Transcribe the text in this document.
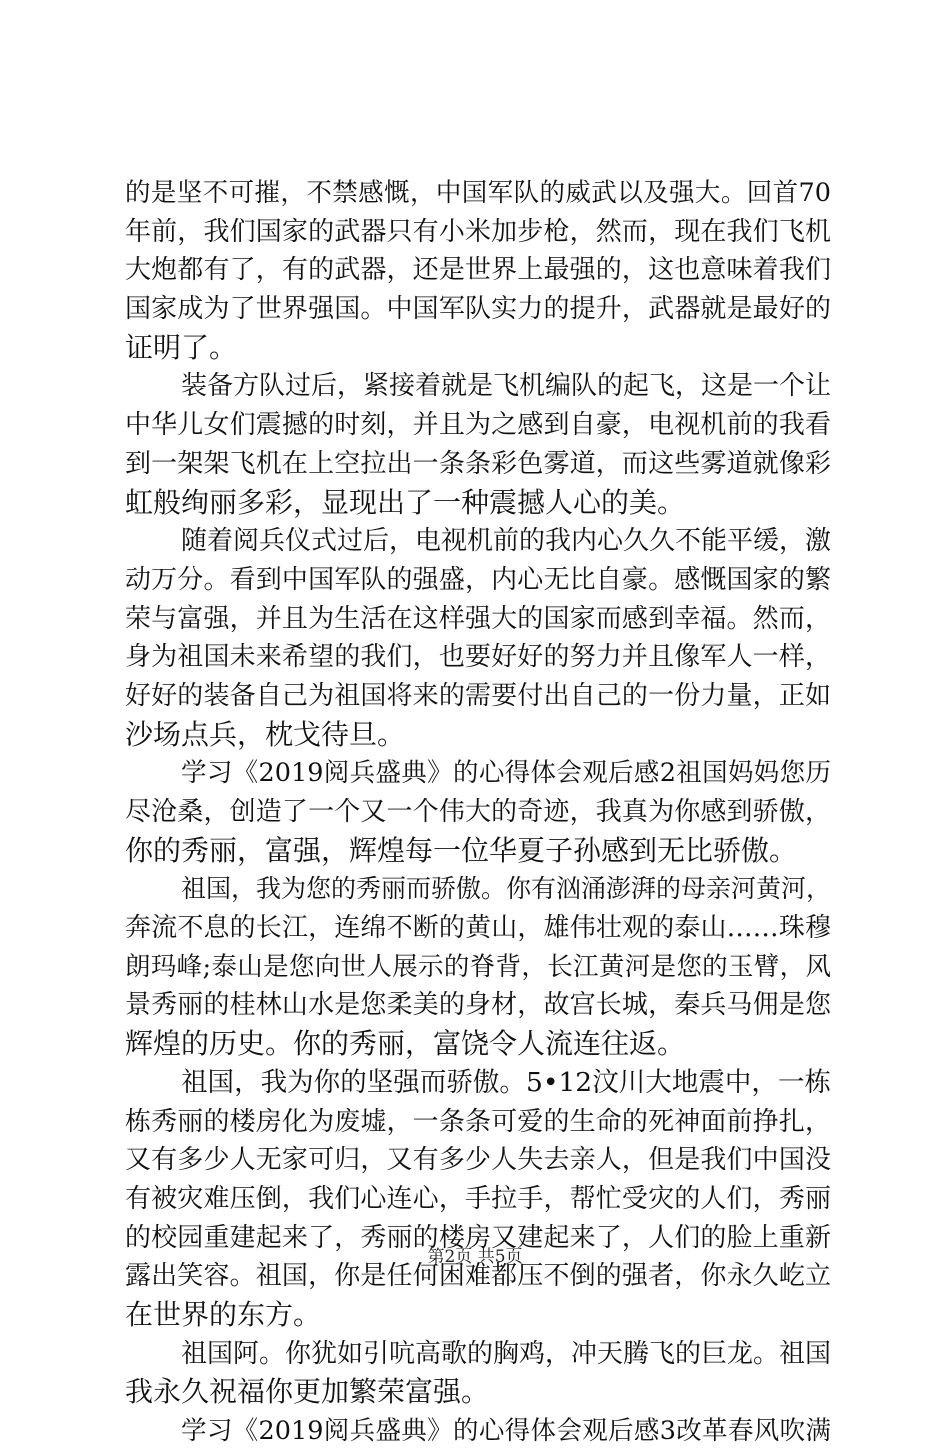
的是坚不可摧，不禁感慨，中国军队的威武以及强大。回首70
年前，我们国家的武器只有小米加步枪，然而，现在我们飞机
大炮都有了，有的武器，还是世界上最强的，这也意味着我们
国家成为了世界强国。中国军队实力的提升，武器就是最好的
证明了。
装备方队过后，紧接着就是飞机编队的起飞，这是一个让
中华儿女们震撼的时刻，并且为之感到自豪，电视机前的我看
到一架架飞机在上空拉出一条条彩色雾道，而这些雾道就像彩
虹般绚丽多彩，显现出了一种震撼人心的美。
随着阅兵仪式过后，电视机前的我内心久久不能平缓，激
动万分。看到中国军队的强盛，内心无比自豪。感慨国家的繁
荣与富强，并且为生活在这样强大的国家而感到幸福。然而，
身为祖国未来希望的我们，也要好好的努力并且像军人一样，
好好的装备自己为祖国将来的需要付出自己的一份力量，正如
沙场点兵，枕戈待旦。
学习《2019阅兵盛典》的心得体会观后感2祖国妈妈您历
尽沧桑，创造了一个又一个伟大的奇迹，我真为你感到骄傲，
你的秀丽，富强，辉煌每一位华夏子孙感到无比骄傲。
祖国，我为您的秀丽而骄傲。你有汹涌澎湃的母亲河黄河，
奔流不息的长江，连绵不断的黄山，雄伟壮观的泰山……珠穆
朗玛峰;泰山是您向世人展示的脊背，长江黄河是您的玉臂，风
景秀丽的桂林山水是您柔美的身材，故宫长城，秦兵马佣是您
辉煌的历史。你的秀丽，富饶令人流连往返。
祖国，我为你的坚强而骄傲。5•12汶川大地震中，一栋
栋秀丽的楼房化为废墟，一条条可爱的生命的死神面前挣扎，
又有多少人无家可归，又有多少人失去亲人，但是我们中国没
有被灾难压倒，我们心连心，手拉手，帮忙受灾的人们，秀丽
的校园重建起来了，秀丽的楼房又建起来了，人们的脸上重新
露出笑容。祖国，你是任何困难都压不倒的强者，你永久屹立
在世界的东方。
祖国阿。你犹如引吭高歌的胸鸡，冲天腾飞的巨龙。祖国
我永久祝福你更加繁荣富强。
学习《2019阅兵盛典》的心得体会观后感3改革春风吹满
第2页 共5页
